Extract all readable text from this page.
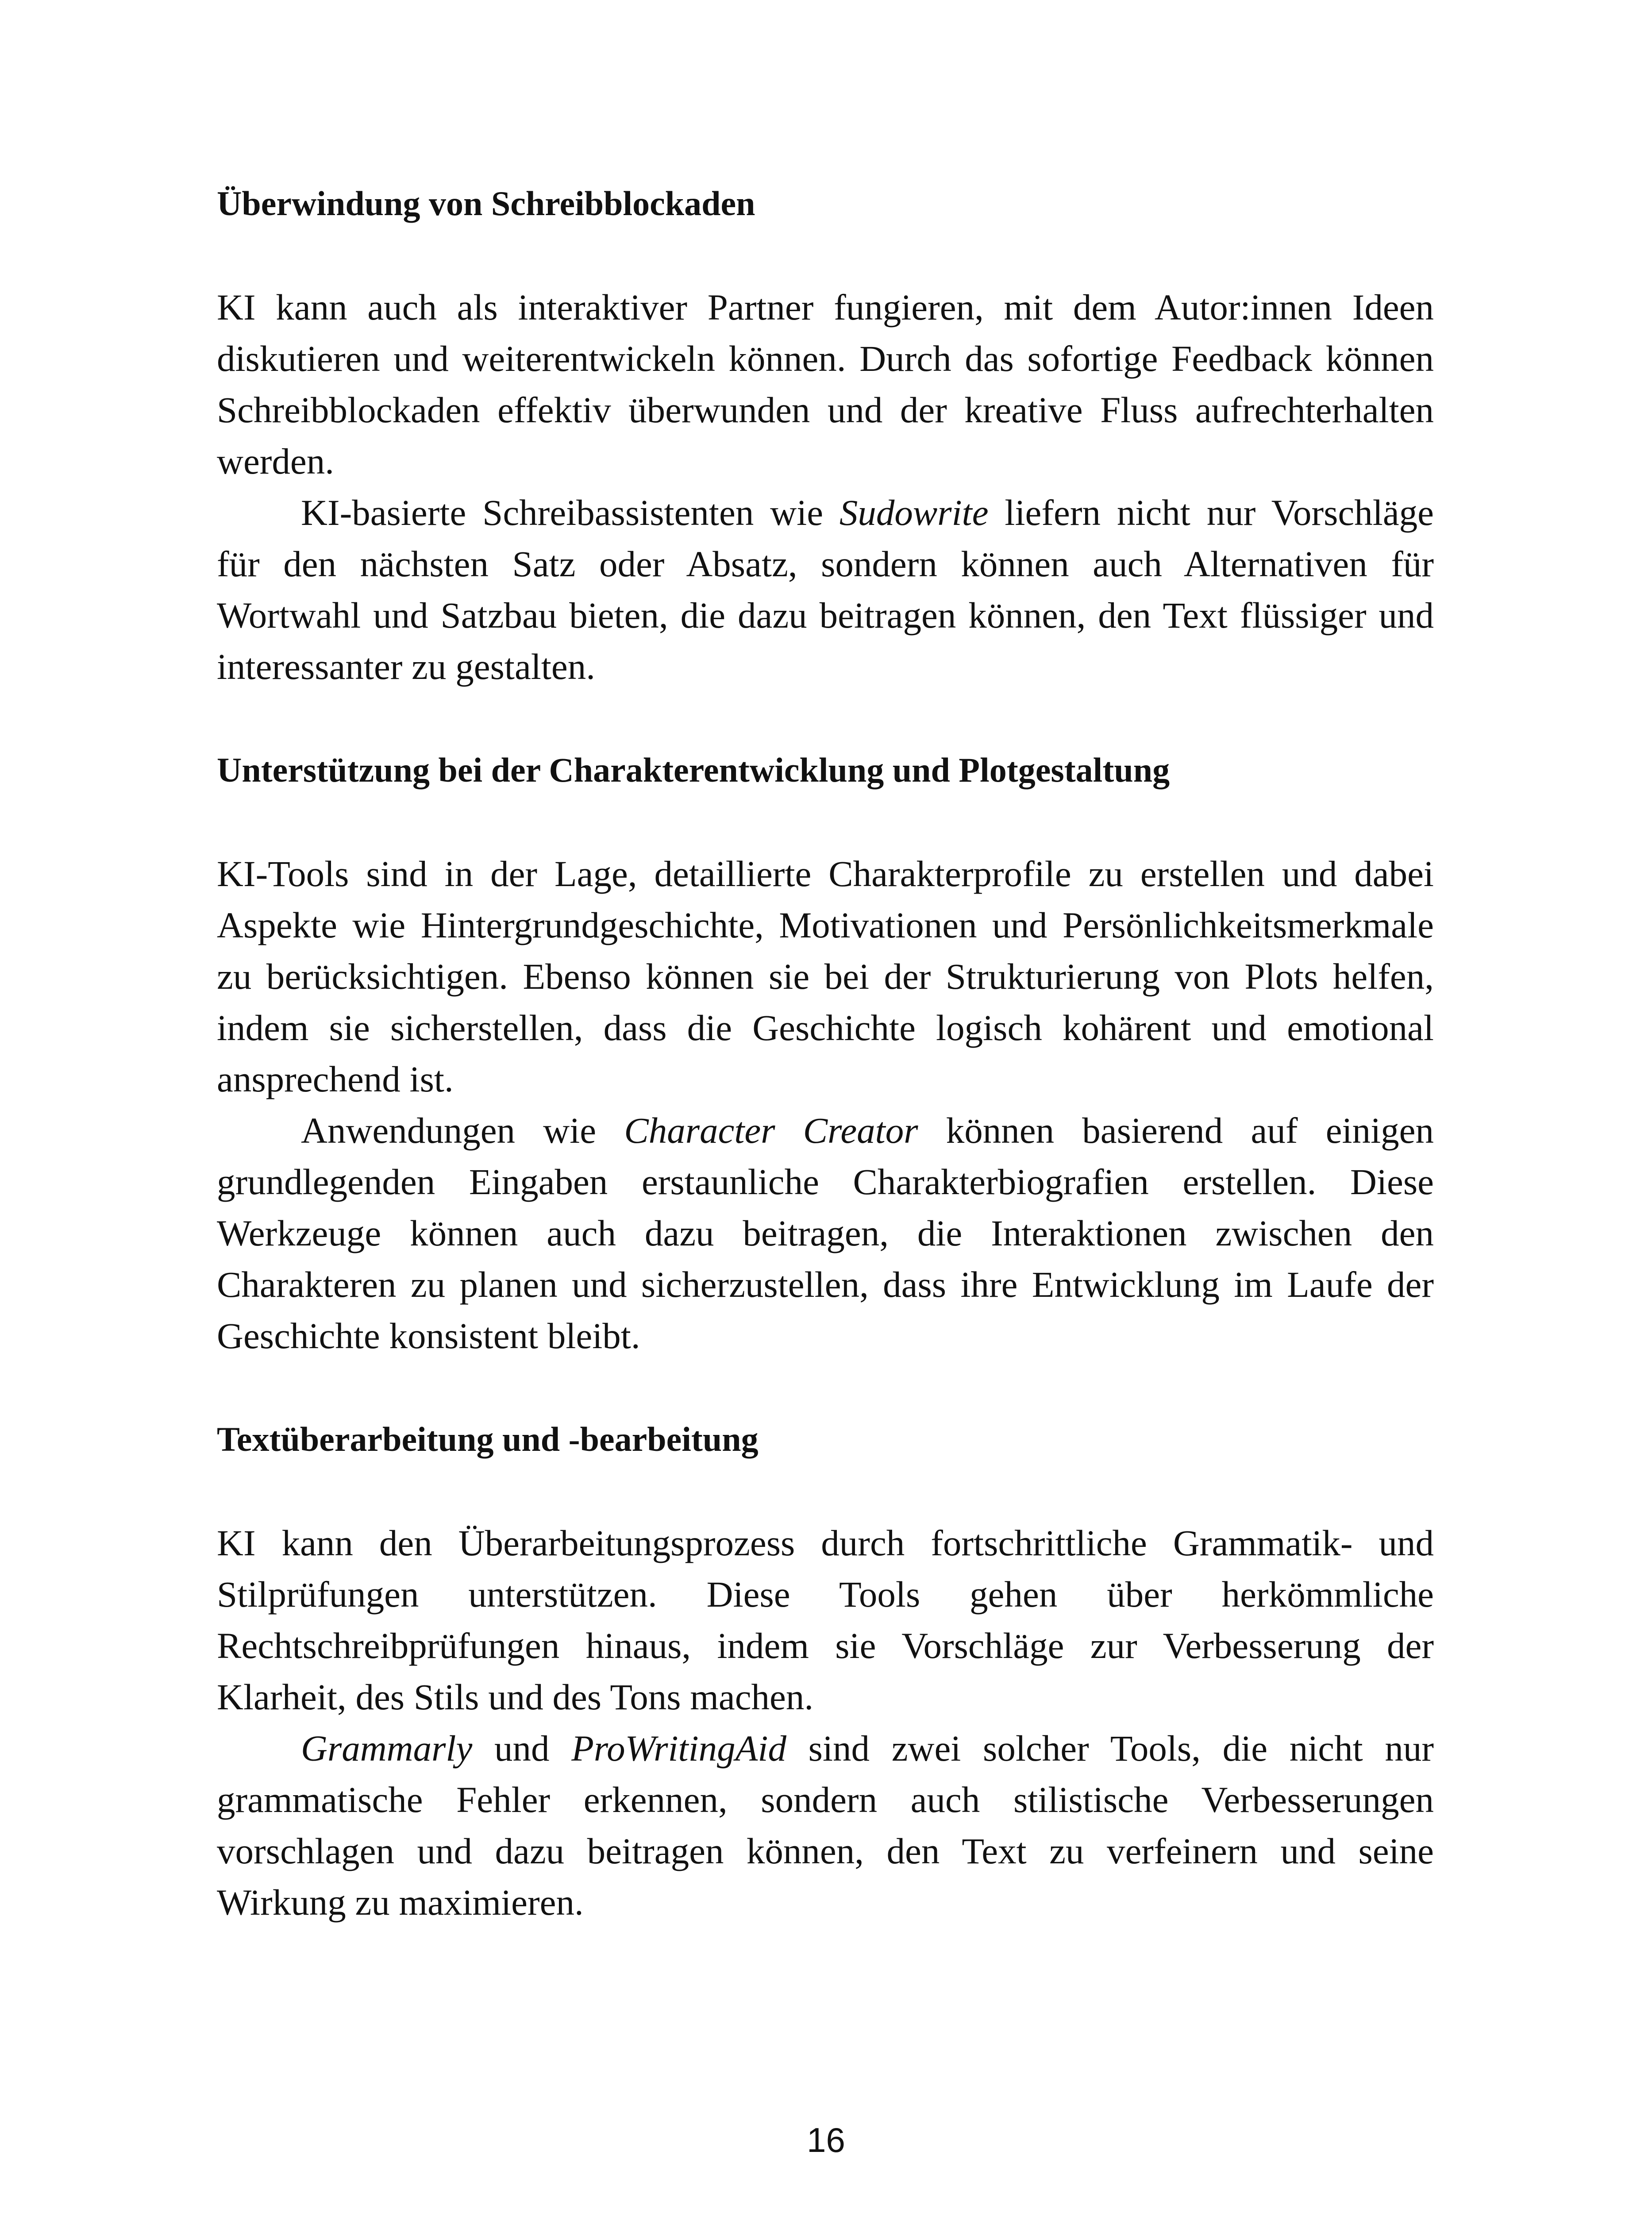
Überwindung von Schreibblockaden

KI kann auch als interaktiver Partner fungieren, mit dem Autor:innen Ideen diskutieren und weiterentwickeln können. Durch das sofortige Feedback können Schreibblockaden effektiv überwunden und der kreative Fluss aufrechterhalten werden.

KI-basierte Schreibassistenten wie Sudowrite liefern nicht nur Vorschläge für den nächsten Satz oder Absatz, sondern können auch Alternativen für Wortwahl und Satzbau bieten, die dazu beitragen können, den Text flüssiger und interessanter zu gestalten.

Unterstützung bei der Charakterentwicklung und Plotgestaltung

KI-Tools sind in der Lage, detaillierte Charakterprofile zu erstellen und dabei Aspekte wie Hintergrundgeschichte, Motivationen und Persönlichkeitsmerkmale zu berücksichtigen. Ebenso können sie bei der Strukturierung von Plots helfen, indem sie sicherstellen, dass die Geschichte logisch kohärent und emotional ansprechend ist.

Anwendungen wie Character Creator können basierend auf einigen grundlegenden Eingaben erstaunliche Charakterbiografien erstellen. Diese Werkzeuge können auch dazu beitragen, die Interaktionen zwischen den Charakteren zu planen und sicherzustellen, dass ihre Entwicklung im Laufe der Geschichte konsistent bleibt.

Textüberarbeitung und -bearbeitung

KI kann den Überarbeitungsprozess durch fortschrittliche Grammatik- und Stilprüfungen unterstützen. Diese Tools gehen über herkömmliche Rechtschreibprüfungen hinaus, indem sie Vorschläge zur Verbesserung der Klarheit, des Stils und des Tons machen.

Grammarly und ProWritingAid sind zwei solcher Tools, die nicht nur grammatische Fehler erkennen, sondern auch stilistische Verbesserungen vorschlagen und dazu beitragen können, den Text zu verfeinern und seine Wirkung zu maximieren.

16
